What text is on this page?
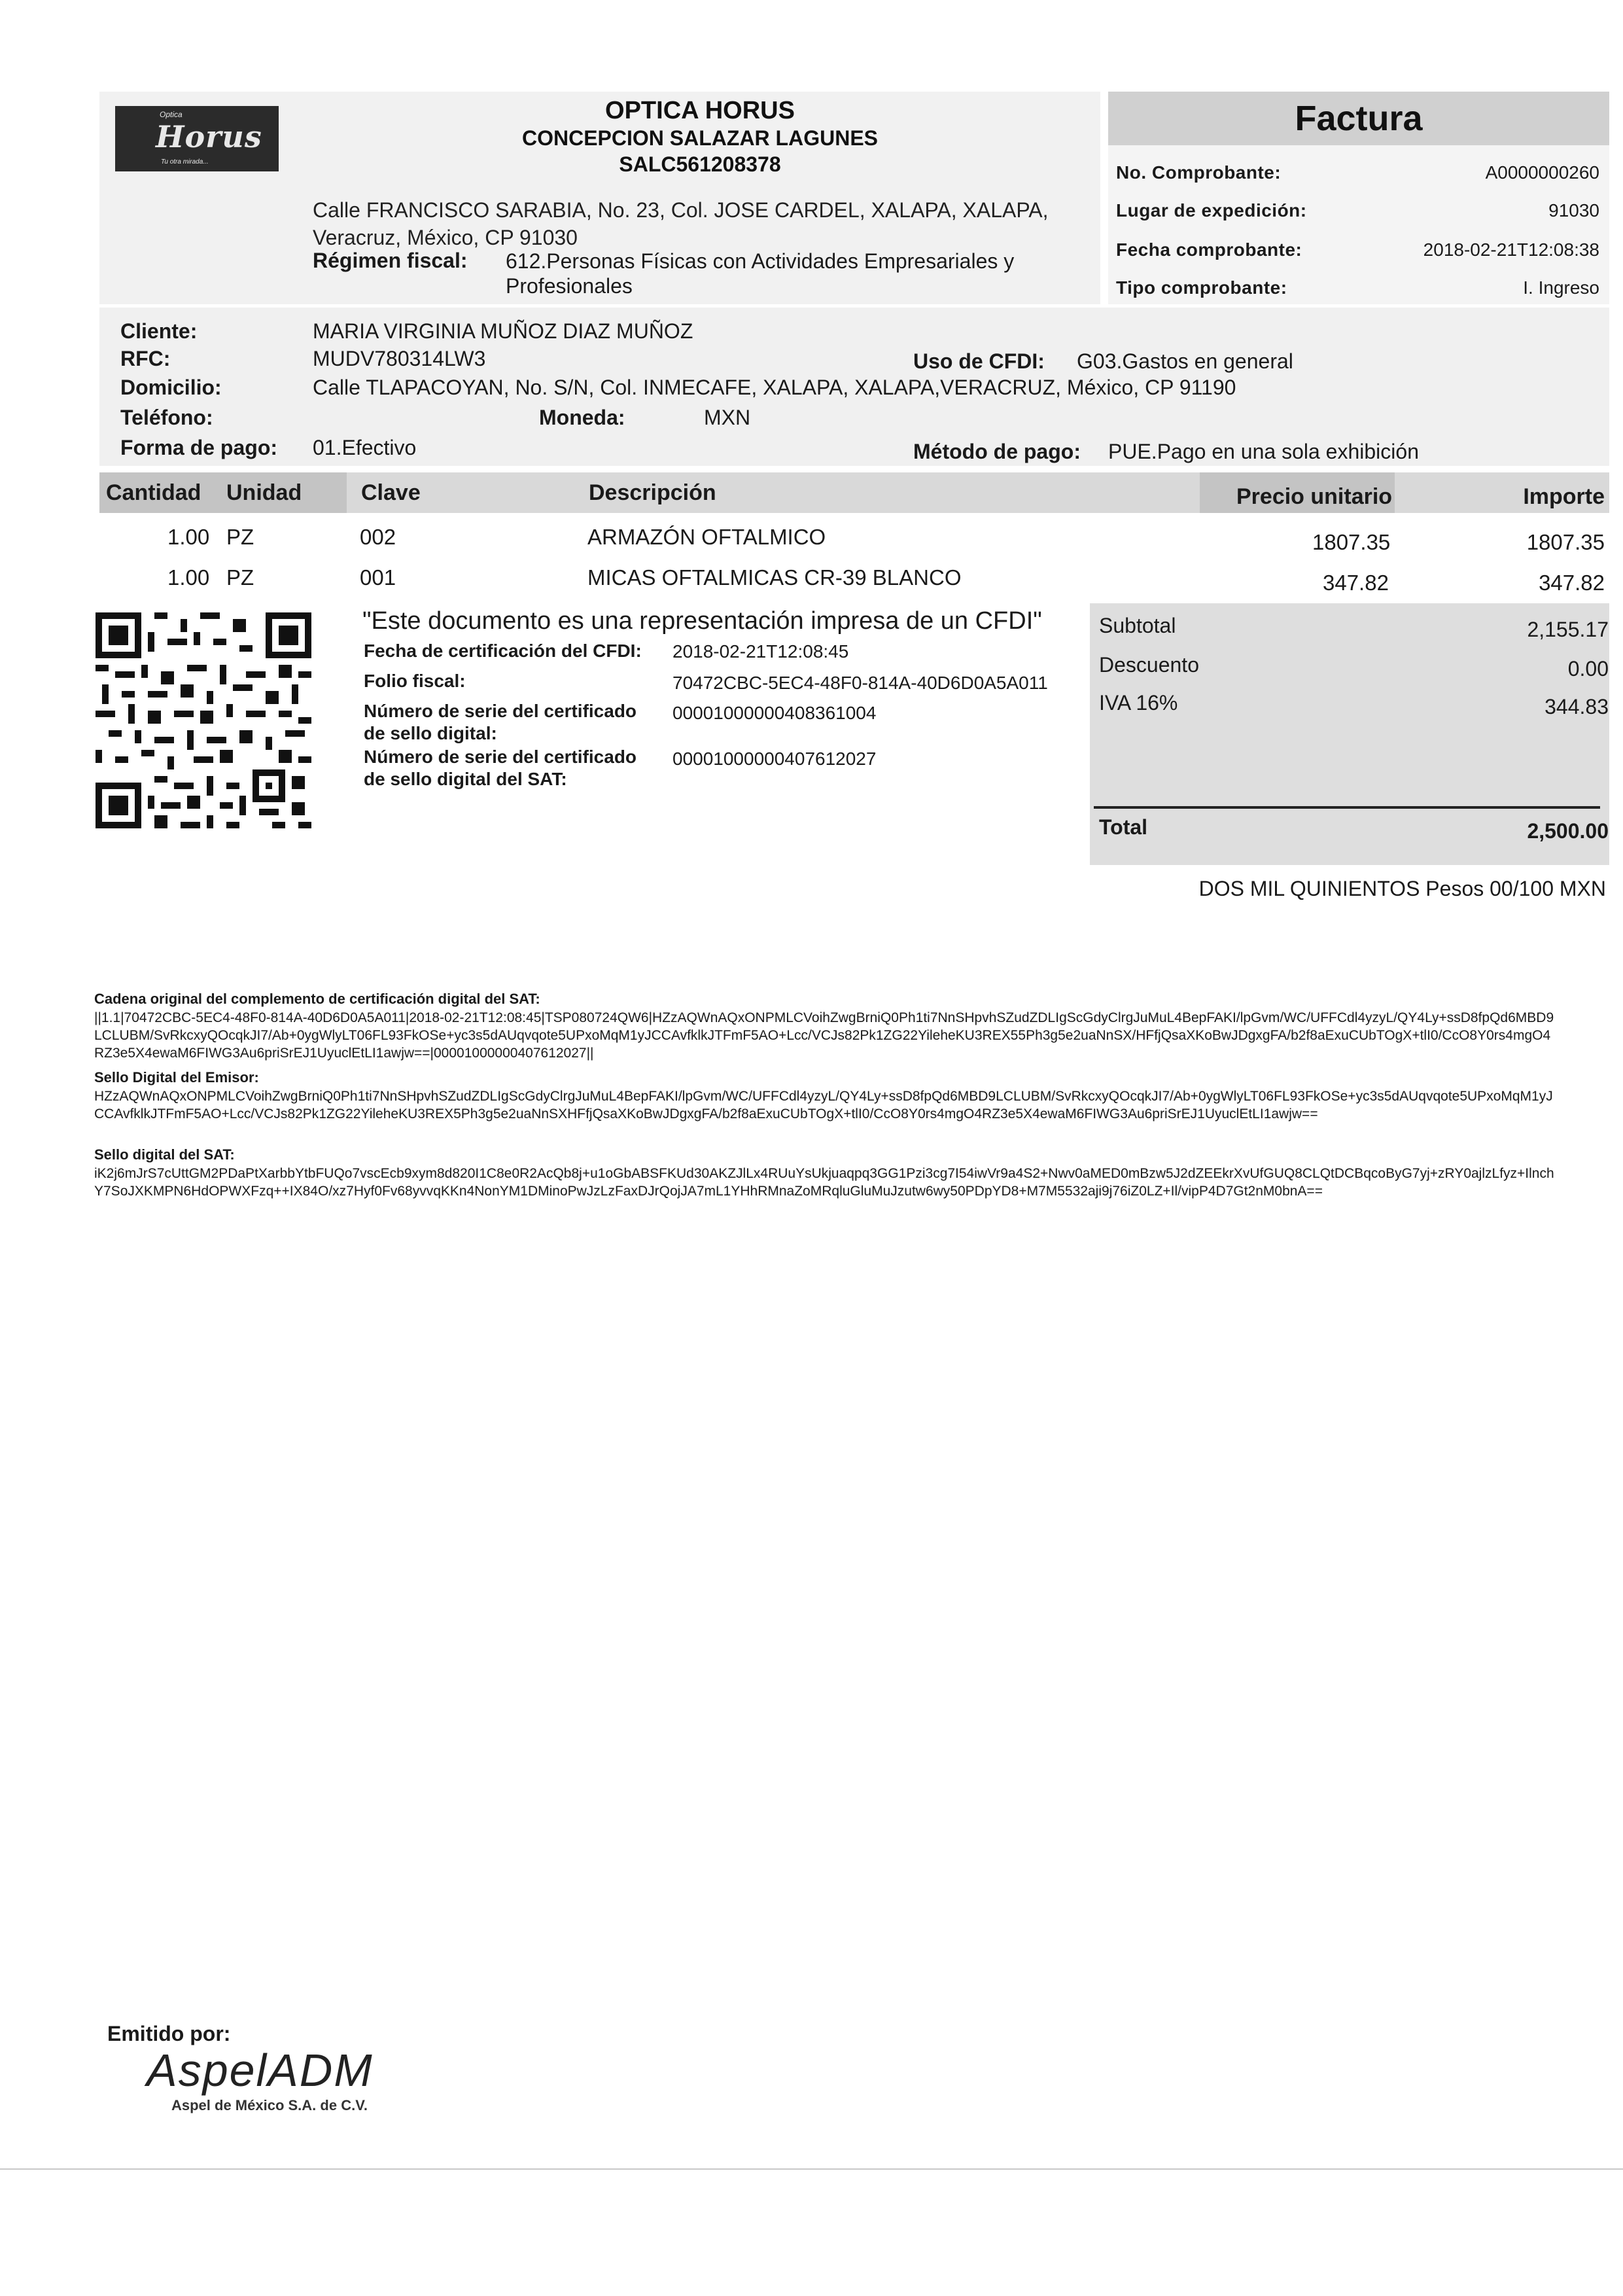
Optica
Horus
Tu otra mirada...
OPTICA HORUS
CONCEPCION SALAZAR LAGUNES
SALC561208378
Calle FRANCISCO SARABIA, No. 23, Col. JOSE CARDEL, XALAPA, XALAPA,
Veracruz, México, CP 91030
Régimen fiscal: 612.Personas Físicas con Actividades Empresariales y
Profesionales
Factura
No. Comprobante:	A0000000260
Lugar de expedición:	91030
Fecha comprobante:	2018-02-21T12:08:38
Tipo comprobante:	I. Ingreso
Cliente:	MARIA VIRGINIA MUÑOZ DIAZ MUÑOZ
RFC:	MUDV780314LW3	Uso de CFDI: G03.Gastos en general
Domicilio:	Calle TLAPACOYAN, No. S/N, Col. INMECAFE, XALAPA, XALAPA,VERACRUZ, México, CP 91190
Teléfono:	Moneda:	MXN
Forma de pago: 01.Efectivo	Método de pago: PUE.Pago en una sola exhibición
Cantidad Unidad	Clave	Descripción	Precio unitario	Importe
1.00 PZ	002	ARMAZÓN OFTALMICO	1807.35	1807.35
1.00 PZ	001	MICAS OFTALMICAS CR-39 BLANCO	347.82	347.82
"Este documento es una representación impresa de un CFDI"
Fecha de certificación del CFDI: 2018-02-21T12:08:45
Folio fiscal:	70472CBC-5EC4-48F0-814A-40D6D0A5A011
Número de serie del certificado
de sello digital:
00001000000408361004
Número de serie del certificado
de sello digital del SAT:
00001000000407612027
Subtotal	2,155.17
Descuento	0.00
IVA 16%	344.83
Total	2,500.00
DOS MIL QUINIENTOS Pesos 00/100 MXN
Cadena original del complemento de certificación digital del SAT:
||1.1|70472CBC-5EC4-48F0-814A-40D6D0A5A011|2018-02-21T12:08:45|TSP080724QW6|HZzAQWnAQxONPMLCVoihZwgBrniQ0Ph1ti7NnSHpvhSZudZDLIgScGdyClrgJuMuL4BepFAKI/lpGvm/WC/UFFCdl4yzyL/QY4Ly+ssD8fpQd6MBD9LCLUBM/SvRkcxyQOcqkJI7/Ab+0ygWlyLT06FL93FkOSe+yc3s5dAUqvqote5UPxoMqM1yJCCAvfklkJTFmF5AO+Lcc/VCJs82Pk1ZG22YileheKU3REX55Ph3g5e2uaNnSX/HFfjQsaXKoBwJDgxgFA/b2f8aExuCUbTOgX+tlI0/CcO8Y0rs4mgO4RZ3e5X4ewaM6FIWG3Au6priSrEJ1UyuclEtLI1awjw==|00001000000407612027||
Sello Digital del Emisor:
HZzAQWnAQxONPMLCVoihZwgBrniQ0Ph1ti7NnSHpvhSZudZDLIgScGdyClrgJuMuL4BepFAKI/lpGvm/WC/UFFCdl4yzyL/QY4Ly+ssD8fpQd6MBD9LCLUBM/SvRkcxyQOcqkJI7/Ab+0ygWlyLT06FL93FkOSe+yc3s5dAUqvqote5UPxoMqM1yJCCAvfklkJTFmF5AO+Lcc/VCJs82Pk1ZG22YileheKU3REX5Ph3g5e2uaNnSXHFfjQsaXKoBwJDgxgFA/b2f8aExuCUbTOgX+tlI0/CcO8Y0rs4mgO4RZ3e5X4ewaM6FIWG3Au6priSrEJ1UyuclEtLI1awjw==
Sello digital del SAT:
iK2j6mJrS7cUttGM2PDaPtXarbbYtbFUQo7vscEcb9xym8d820I1C8e0R2AcQb8j+u1oGbABSFKUd30AKZJlLx4RUuYsUkjuaqpq3GG1Pzi3cg7I54iwVr9a4S2+Nwv0aMED0mBzw5J2dZEEkrXvUfGUQ8CLQtDCBqcoByG7yj+zRY0ajlzLfyz+IlnchY7SoJXKMPN6HdOPWXFzq++IX84O/xz7Hyf0Fv68yvvqKKn4NonYM1DMinoPwJzLzFaxDJrQojJA7mL1YHhRMnaZoMRqluGluMuJzutw6wy50PDpYD8+M7M5532aji9j76iZ0LZ+Il/vipP4D7Gt2nM0bnA==
Emitido por:
AspelADM
Aspel de México S.A. de C.V.
